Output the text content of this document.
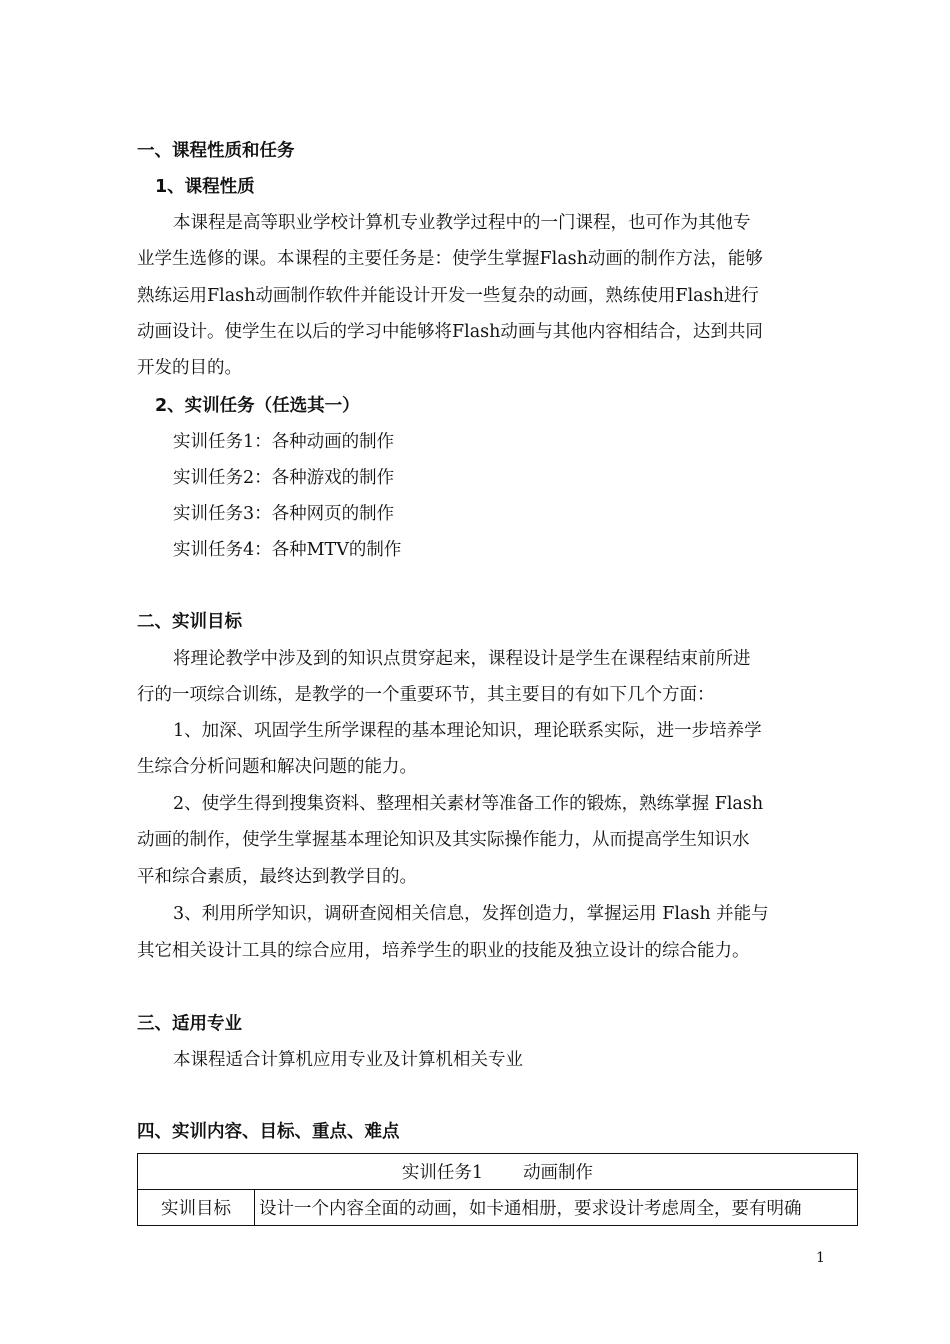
一、课程性质和任务
1、课程性质
本课程是高等职业学校计算机专业教学过程中的一门课程，也可作为其他专
业学生选修的课。本课程的主要任务是：使学生掌握Flash动画的制作方法，能够
熟练运用Flash动画制作软件并能设计开发一些复杂的动画，熟练使用Flash进行
动画设计。使学生在以后的学习中能够将Flash动画与其他内容相结合，达到共同
开发的目的。
2、实训任务（任选其一）
实训任务1：各种动画的制作
实训任务2：各种游戏的制作
实训任务3：各种网页的制作
实训任务4：各种MTV的制作
二、实训目标
将理论教学中涉及到的知识点贯穿起来，课程设计是学生在课程结束前所进
行的一项综合训练，是教学的一个重要环节，其主要目的有如下几个方面：
1、加深、巩固学生所学课程的基本理论知识，理论联系实际，进一步培养学
生综合分析问题和解决问题的能力。
2、使学生得到搜集资料、整理相关素材等准备工作的锻炼，熟练掌握 Flash
动画的制作，使学生掌握基本理论知识及其实际操作能力，从而提高学生知识水
平和综合素质，最终达到教学目的。
3、利用所学知识，调研查阅相关信息，发挥创造力，掌握运用 Flash 并能与
其它相关设计工具的综合应用，培养学生的职业的技能及独立设计的综合能力。
三、适用专业
本课程适合计算机应用专业及计算机相关专业
四、实训内容、目标、重点、难点
实训任务1 动画制作
实训目标	设计一个内容全面的动画，如卡通相册，要求设计考虑周全，要有明确
1
